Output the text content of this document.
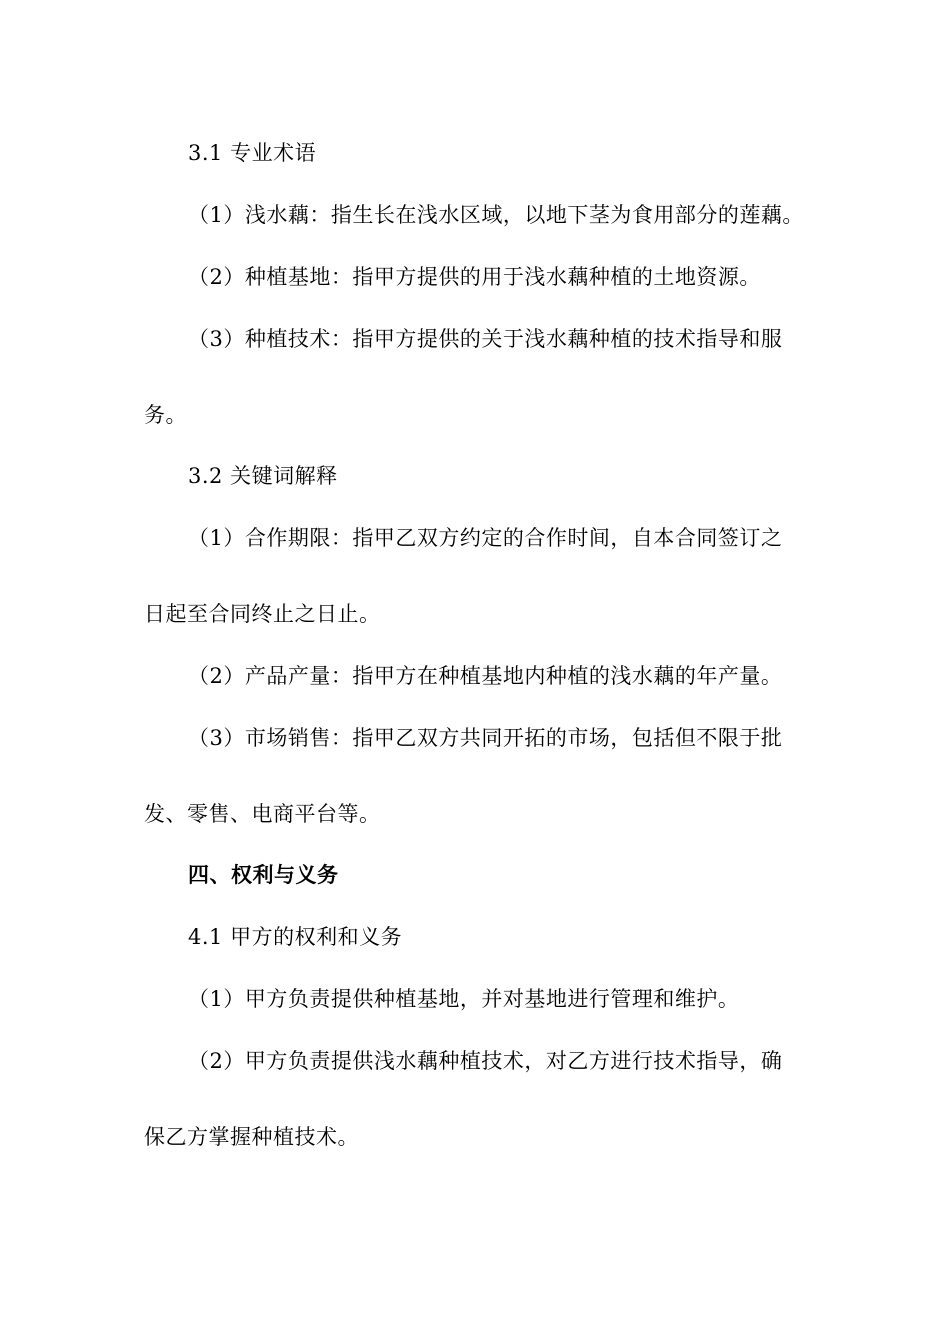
3.1 专业术语
（1）浅水藕：指生长在浅水区域，以地下茎为食用部分的莲藕。
（2）种植基地：指甲方提供的用于浅水藕种植的土地资源。
（3）种植技术：指甲方提供的关于浅水藕种植的技术指导和服
务。
3.2 关键词解释
（1）合作期限：指甲乙双方约定的合作时间，自本合同签订之
日起至合同终止之日止。
（2）产品产量：指甲方在种植基地内种植的浅水藕的年产量。
（3）市场销售：指甲乙双方共同开拓的市场，包括但不限于批
发、零售、电商平台等。
四、权利与义务
4.1 甲方的权利和义务
（1）甲方负责提供种植基地，并对基地进行管理和维护。
（2）甲方负责提供浅水藕种植技术，对乙方进行技术指导，确
保乙方掌握种植技术。
